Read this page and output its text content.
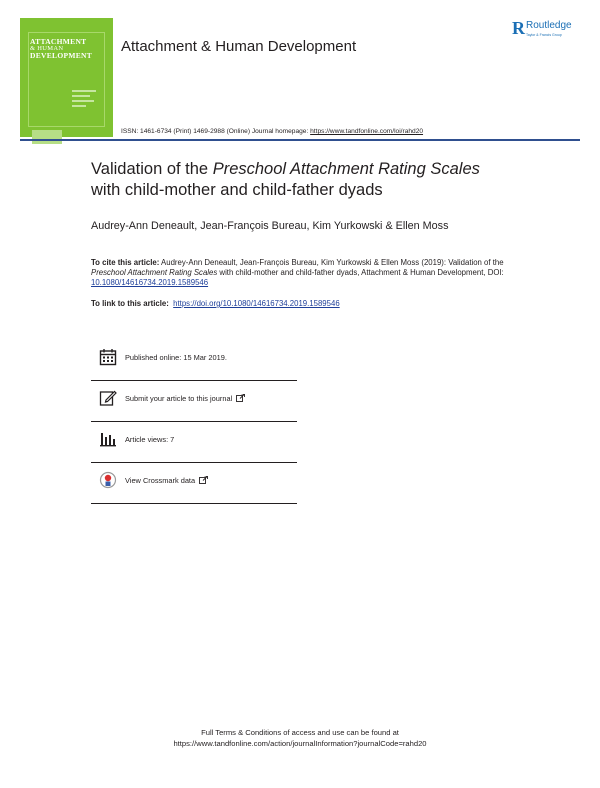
ATTACHMENT
& HUMAN
DEVELOPMENT
Attachment & Human Development
R Routledge
Taylor & Francis Group
ISSN: 1461-6734 (Print) 1469-2988 (Online) Journal homepage: https://www.tandfonline.com/loi/rahd20
Validation of the Preschool Attachment Rating Scales
with child-mother and child-father dyads
Audrey-Ann Deneault, Jean-François Bureau, Kim Yurkowski & Ellen Moss
To cite this article: Audrey-Ann Deneault, Jean-François Bureau, Kim Yurkowski & Ellen Moss (2019): Validation of the Preschool Attachment Rating Scales with child-mother and child-father dyads, Attachment & Human Development, DOI: 10.1080/14616734.2019.1589546
To link to this article:  https://doi.org/10.1080/14616734.2019.1589546
Published online: 15 Mar 2019.
Submit your article to this journal
Article views: 7
View Crossmark data
Full Terms & Conditions of access and use can be found at
https://www.tandfonline.com/action/journalInformation?journalCode=rahd20
